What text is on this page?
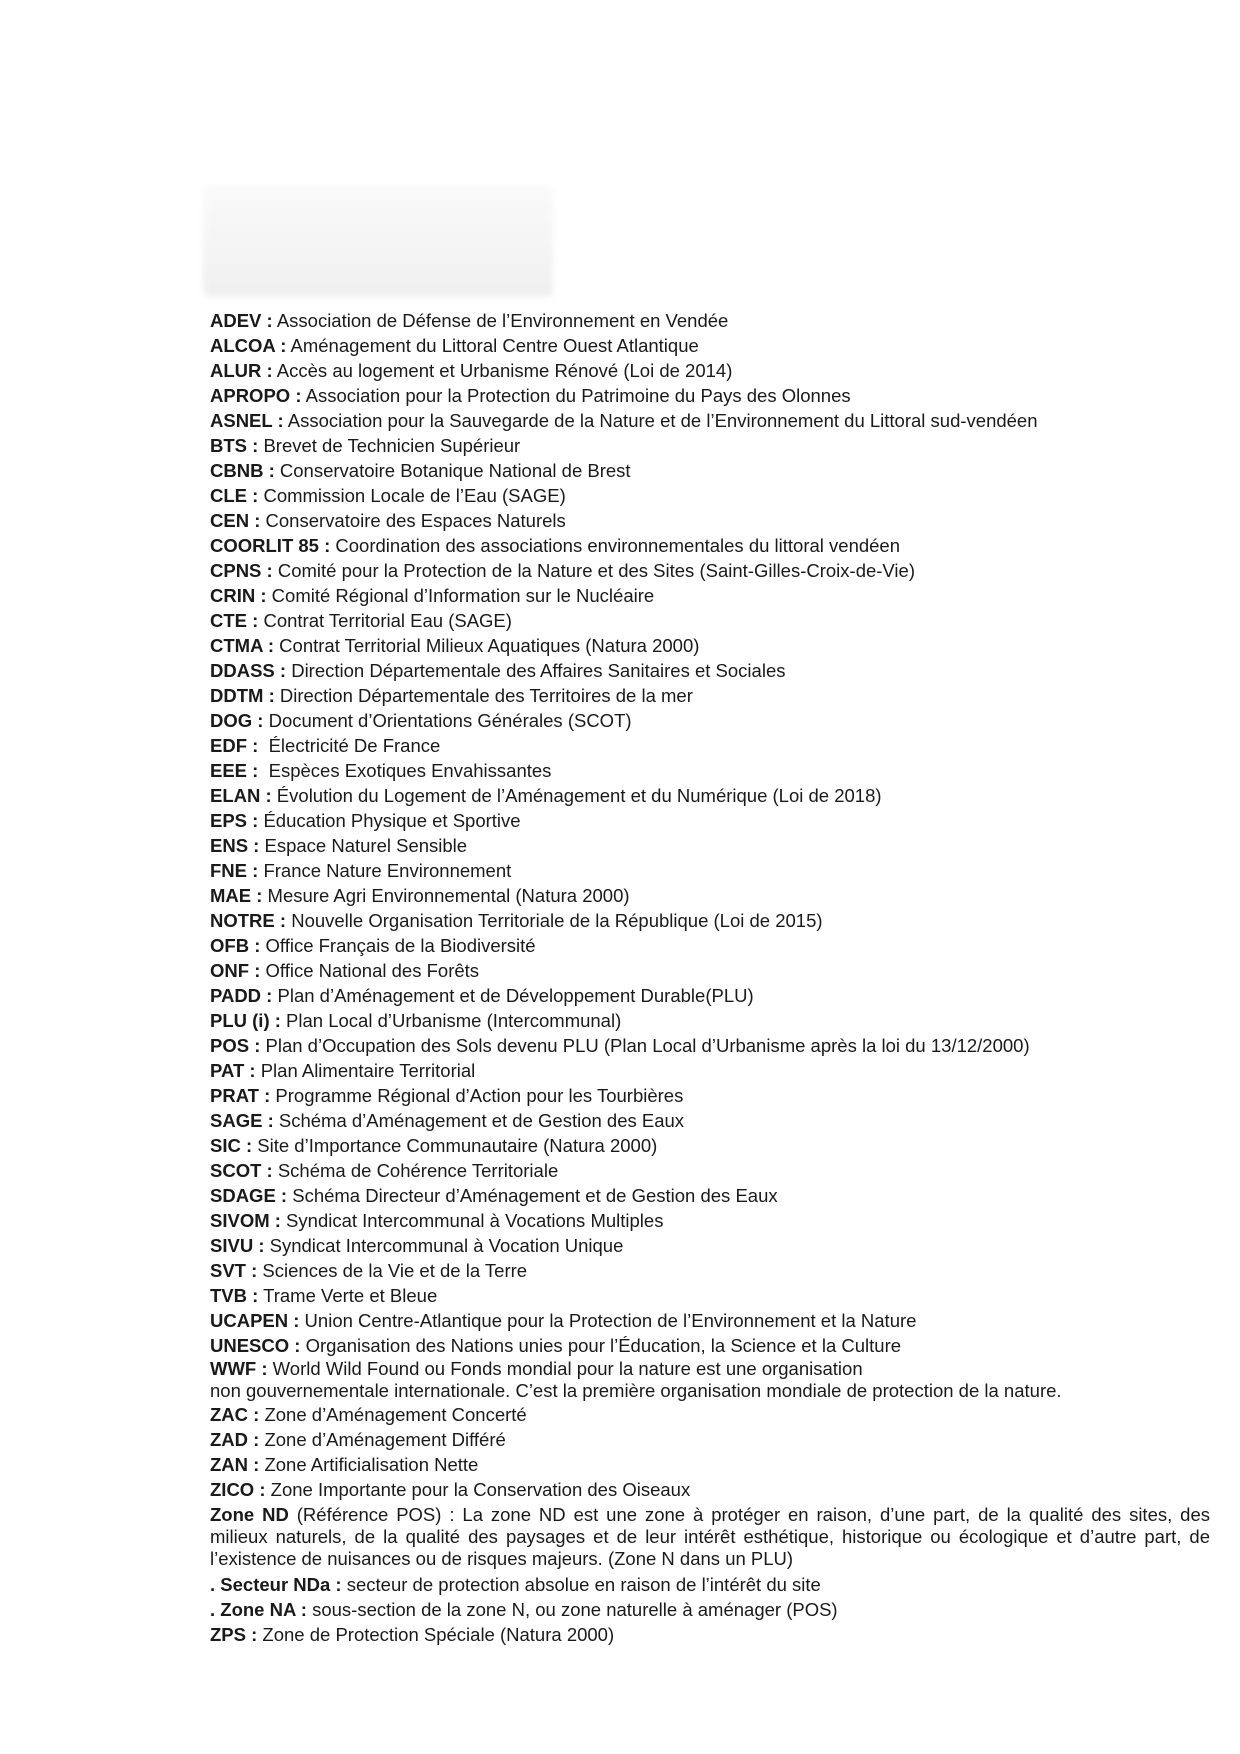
ADEV : Association de Défense de l’Environnement en Vendée
ALCOA : Aménagement du Littoral Centre Ouest Atlantique
ALUR : Accès au logement et Urbanisme Rénové (Loi de 2014)
APROPO : Association pour la Protection du Patrimoine du Pays des Olonnes
ASNEL : Association pour la Sauvegarde de la Nature et de l’Environnement du Littoral sud-vendéen
BTS : Brevet de Technicien Supérieur
CBNB : Conservatoire Botanique National de Brest
CLE : Commission Locale de l’Eau (SAGE)
CEN : Conservatoire des Espaces Naturels
COORLIT 85 : Coordination des associations environnementales du littoral vendéen
CPNS : Comité pour la Protection de la Nature et des Sites (Saint-Gilles-Croix-de-Vie)
CRIN : Comité Régional d’Information sur le Nucléaire
CTE : Contrat Territorial Eau (SAGE)
CTMA : Contrat Territorial Milieux Aquatiques (Natura 2000)
DDASS : Direction Départementale des Affaires Sanitaires et Sociales
DDTM : Direction Départementale des Territoires de la mer
DOG : Document d’Orientations Générales (SCOT)
EDF :  Électricité De France
EEE :  Espèces Exotiques Envahissantes
ELAN : Évolution du Logement de l’Aménagement et du Numérique (Loi de 2018)
EPS : Éducation Physique et Sportive
ENS : Espace Naturel Sensible
FNE : France Nature Environnement
MAE : Mesure Agri Environnemental (Natura 2000)
NOTRE : Nouvelle Organisation Territoriale de la République (Loi de 2015)
OFB : Office Français de la Biodiversité
ONF : Office National des Forêts
PADD : Plan d’Aménagement et de Développement Durable(PLU)
PLU (i) : Plan Local d’Urbanisme (Intercommunal)
POS : Plan d’Occupation des Sols devenu PLU (Plan Local d’Urbanisme après la loi du 13/12/2000)
PAT : Plan Alimentaire Territorial
PRAT : Programme Régional d’Action pour les Tourbières
SAGE : Schéma d’Aménagement et de Gestion des Eaux
SIC : Site d’Importance Communautaire (Natura 2000)
SCOT : Schéma de Cohérence Territoriale
SDAGE : Schéma Directeur d’Aménagement et de Gestion des Eaux
SIVOM : Syndicat Intercommunal à Vocations Multiples
SIVU : Syndicat Intercommunal à Vocation Unique
SVT : Sciences de la Vie et de la Terre
TVB : Trame Verte et Bleue
UCAPEN : Union Centre-Atlantique pour la Protection de l’Environnement et la Nature
UNESCO : Organisation des Nations unies pour l’Éducation, la Science et la Culture
WWF : World Wild Found ou Fonds mondial pour la nature est une organisation
non gouvernementale internationale. C’est la première organisation mondiale de protection de la nature.
ZAC : Zone d’Aménagement Concerté
ZAD : Zone d’Aménagement Différé
ZAN : Zone Artificialisation Nette
ZICO : Zone Importante pour la Conservation des Oiseaux
Zone ND (Référence POS) : La zone ND est une zone à protéger en raison, d’une part, de la qualité des sites, des milieux naturels, de la qualité des paysages et de leur intérêt esthétique, historique ou écologique et d’autre part, de l’existence de nuisances ou de risques majeurs. (Zone N dans un PLU)
. Secteur NDa : secteur de protection absolue en raison de l’intérêt du site
. Zone NA : sous-section de la zone N, ou zone naturelle à aménager (POS)
ZPS : Zone de Protection Spéciale (Natura 2000)
